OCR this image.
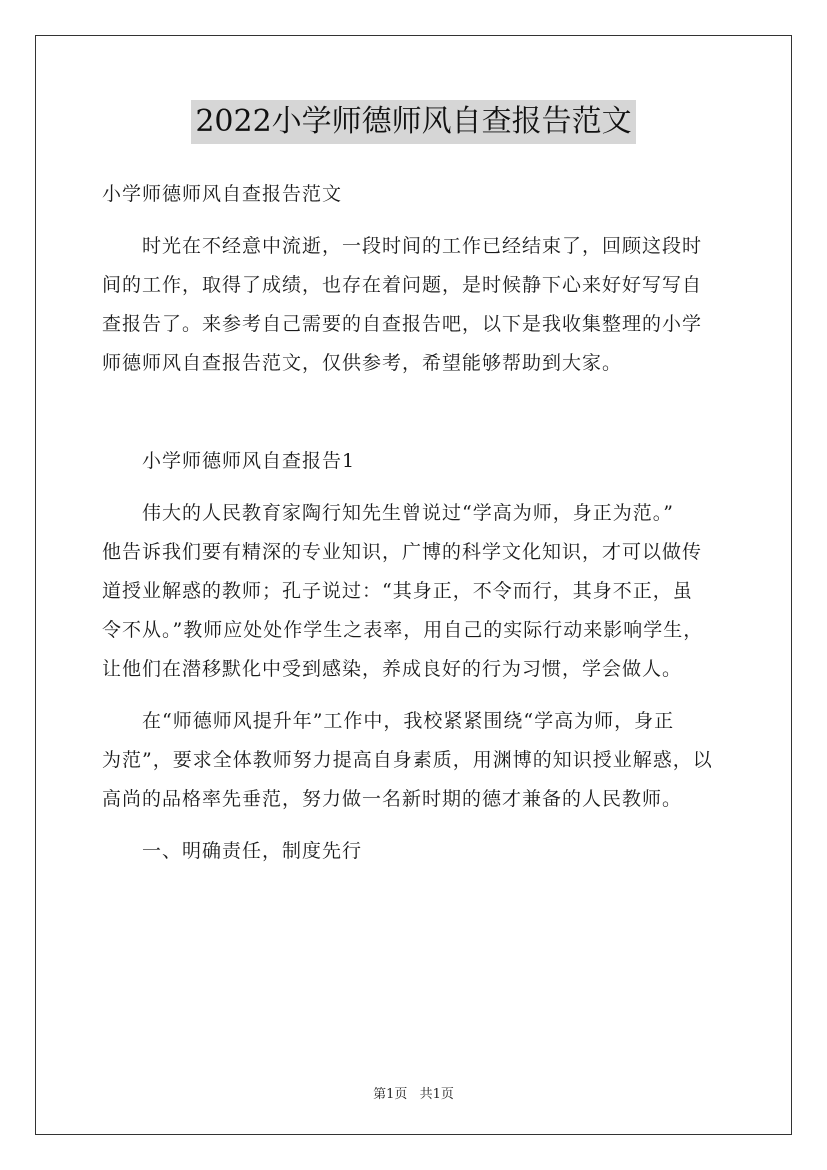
2022小学师德师风自查报告范文

小学师德师风自查报告范文

时光在不经意中流逝，一段时间的工作已经结束了，回顾这段时
间的工作，取得了成绩，也存在着问题，是时候静下心来好好写写自
查报告了。来参考自己需要的自查报告吧，以下是我收集整理的小学
师德师风自查报告范文，仅供参考，希望能够帮助到大家。

小学师德师风自查报告1

伟大的人民教育家陶行知先生曾说过“学高为师，身正为范。”
他告诉我们要有精深的专业知识，广博的科学文化知识，才可以做传
道授业解惑的教师；孔子说过：“其身正，不令而行，其身不正，虽
令不从。”教师应处处作学生之表率，用自己的实际行动来影响学生，
让他们在潜移默化中受到感染，养成良好的行为习惯，学会做人。
在“师德师风提升年”工作中，我校紧紧围绕“学高为师，身正
为范”，要求全体教师努力提高自身素质，用渊博的知识授业解惑，以
高尚的品格率先垂范，努力做一名新时期的德才兼备的人民教师。

一、明确责任，制度先行

第1页 共1页
